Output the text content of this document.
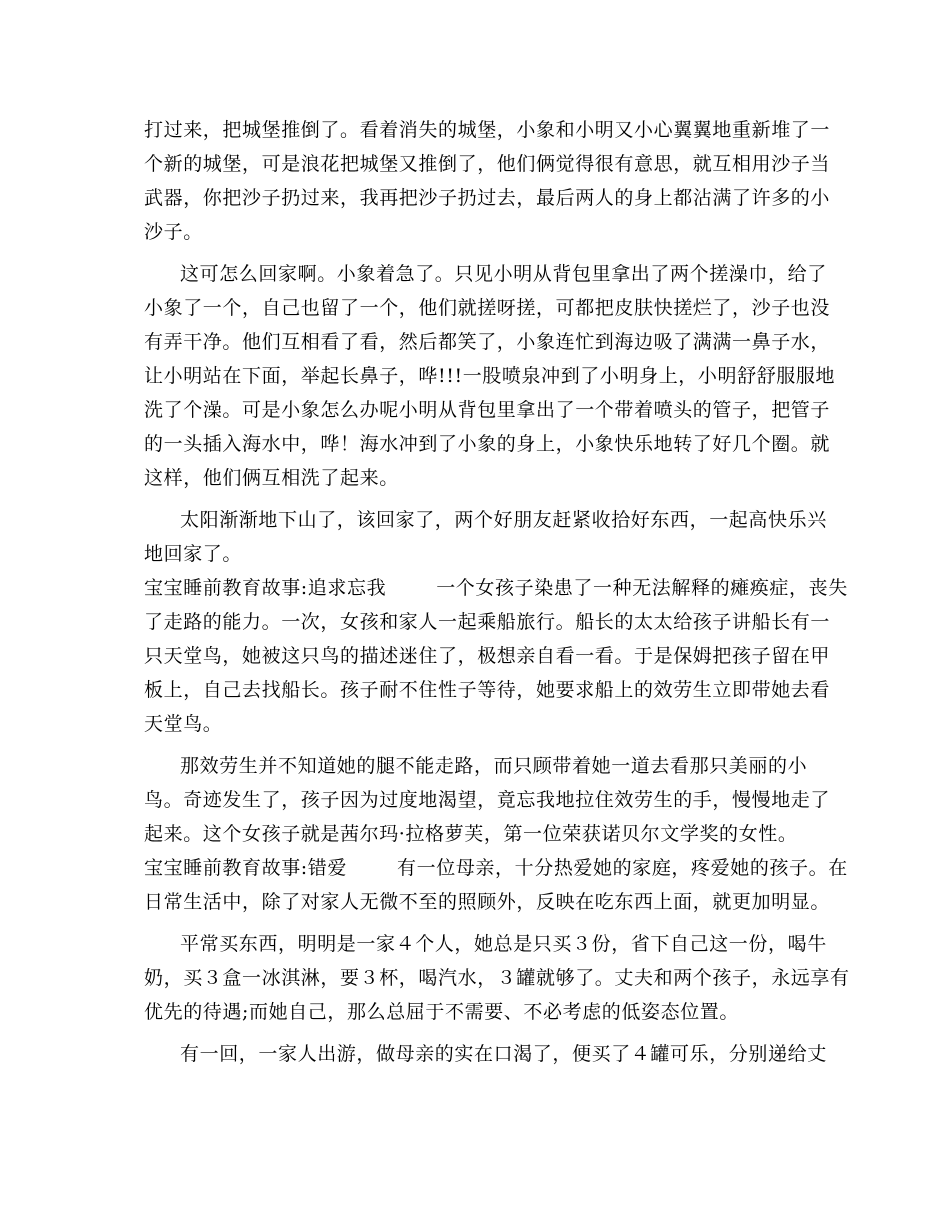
打过来，把城堡推倒了。看着消失的城堡，小象和小明又小心翼翼地重新堆了一
个新的城堡，可是浪花把城堡又推倒了，他们俩觉得很有意思，就互相用沙子当
武器，你把沙子扔过来，我再把沙子扔过去，最后两人的身上都沾满了许多的小
沙子。
这可怎么回家啊。小象着急了。只见小明从背包里拿出了两个搓澡巾，给了
小象了一个，自己也留了一个，他们就搓呀搓，可都把皮肤快搓烂了，沙子也没
有弄干净。他们互相看了看，然后都笑了，小象连忙到海边吸了满满一鼻子水，
让小明站在下面，举起长鼻子，哗!!!一股喷泉冲到了小明身上，小明舒舒服服地
洗了个澡。可是小象怎么办呢小明从背包里拿出了一个带着喷头的管子，把管子
的一头插入海水中，哗！海水冲到了小象的身上，小象快乐地转了好几个圈。就
这样，他们俩互相洗了起来。
太阳渐渐地下山了，该回家了，两个好朋友赶紧收拾好东西，一起高快乐兴
地回家了。
宝宝睡前教育故事:追求忘我	一个女孩子染患了一种无法解释的瘫痪症，丧失
了走路的能力。一次，女孩和家人一起乘船旅行。船长的太太给孩子讲船长有一
只天堂鸟，她被这只鸟的描述迷住了，极想亲自看一看。于是保姆把孩子留在甲
板上，自己去找船长。孩子耐不住性子等待，她要求船上的效劳生立即带她去看
天堂鸟。
那效劳生并不知道她的腿不能走路，而只顾带着她一道去看那只美丽的小
鸟。奇迹发生了，孩子因为过度地渴望，竟忘我地拉住效劳生的手，慢慢地走了
起来。这个女孩子就是茜尔玛·拉格萝芙，第一位荣获诺贝尔文学奖的女性。
宝宝睡前教育故事:错爱	有一位母亲，十分热爱她的家庭，疼爱她的孩子。在
日常生活中，除了对家人无微不至的照顾外，反映在吃东西上面，就更加明显。
平常买东西，明明是一家４个人，她总是只买３份，省下自己这一份，喝牛
奶，买３盒一冰淇淋，要３杯，喝汽水，３罐就够了。丈夫和两个孩子，永远享有
优先的待遇;而她自己，那么总屈于不需要、不必考虑的低姿态位置。
有一回，一家人出游，做母亲的实在口渴了，便买了４罐可乐，分别递给丈
